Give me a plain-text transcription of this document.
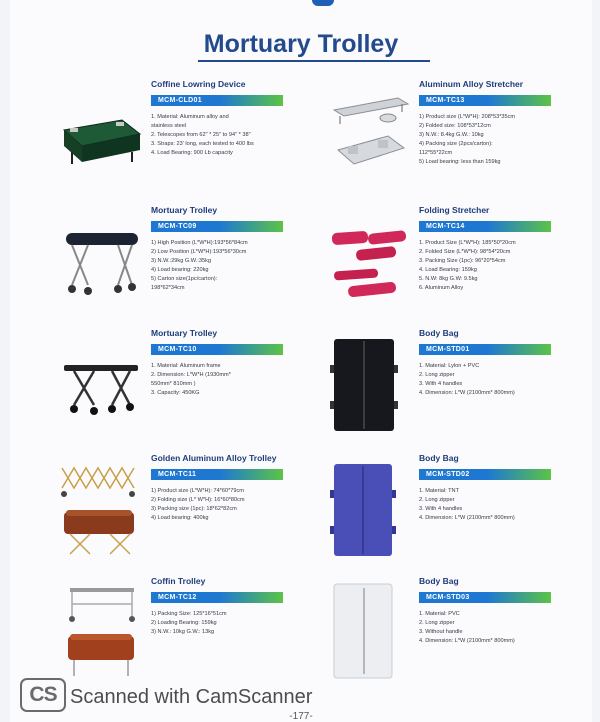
Mortuary Trolley
Coffine Lowring Device
MCM-CLD01
1. Material: Aluminum alloy and
stainless steel
2. Telescopes from 62" * 25" to 94" * 38"
3. Straps: 23' long, each tested to 400 lbs
4. Load Bearing: 900 Lb capacity
Mortuary Trolley
MCM-TC09
1) High Position (L*W*H):193*56*84cm
2) Low Position (L*W*H):193*56*30cm
3) N.W.:29kg G.W.:35kg
4) Load bearing: 220kg
5) Carton size(1pc/carton):
198*62*34cm
Mortuary Trolley
MCM-TC10
1. Material: Aluminum frame
2. Dimension: L*W*H (1930mm*
550mm* 810mm )
3. Capacity: 450KG
Golden Aluminum Alloy Trolley
MCM-TC11
1) Product size (L*W*H): 74*60*79cm
2) Folding size (L* W*H): 16*60*80cm
3) Packing size (1pc): 18*62*82cm
4) Load bearing: 400kg
Coffin Trolley
MCM-TC12
1) Packing Size: 125*16*51cm
2) Loading Bearing: 159kg
3) N.W.: 10kg G.W.: 13kg
Aluminum Alloy Stretcher
MCM-TC13
1) Product size (L*W*H): 208*53*35cm
2) Folded size: 108*53*12cm
3) N.W.: 8.4kg G.W.: 10kg
4) Packing size (2pcs/carton):
112*55*22cm
5) Load bearing: less than 159kg
Folding Stretcher
MCM-TC14
1. Product Size (L*W*H): 185*50*20cm
2. Folded Size (L*W*H): 98*54*20cm
3. Packing Size (1pc): 96*20*54cm
4. Load Bearing: 159kg
5. N.W: 8kg G.W: 9.5kg
6. Aluminum Alloy
Body Bag
MCM-STD01
1. Material: Lylon + PVC
2. Long zipper
3. With 4 handles
4. Dimension: L*W (2100mm* 800mm)
Body Bag
MCM-STD02
1. Material: TNT
2. Long zipper
3. With 4 handles
4. Dimension: L*W (2100mm* 800mm)
Body Bag
MCM-STD03
1. Material: PVC
2. Long zipper
3. Without handle
4. Dimension: L*W (2100mm* 800mm)
CS Scanned with CamScanner
-177-
